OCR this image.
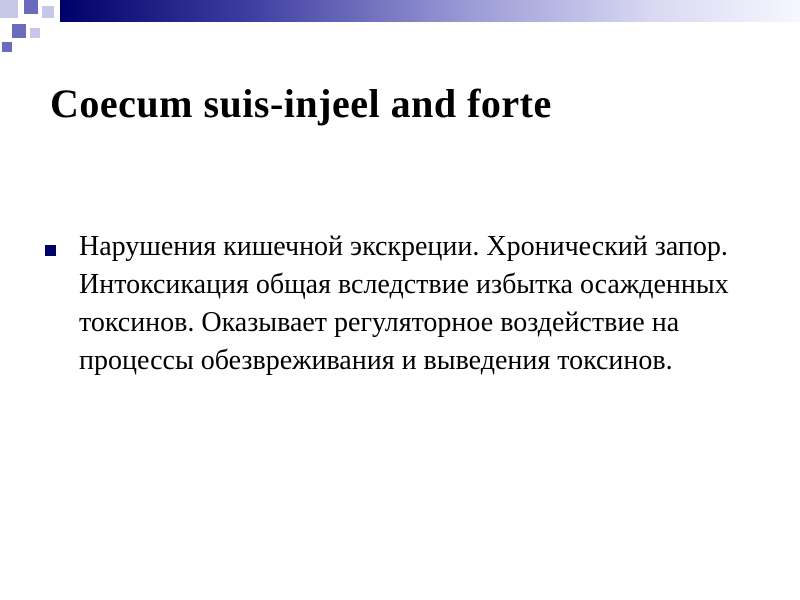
Coecum suis-injeel and forte
Нарушения кишечной экскреции. Хронический запор. Интоксикация общая вследствие избытка осажденных токсинов. Оказывает регуляторное воздействие на процессы обезвреживания и выведения токсинов.
